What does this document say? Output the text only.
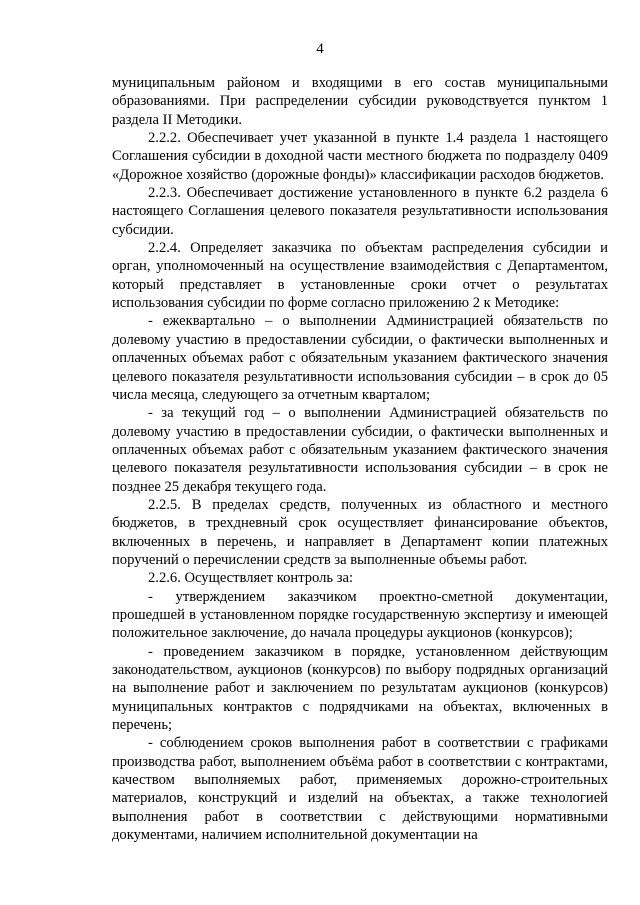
4

муниципальным районом и входящими в его состав муниципальными образованиями. При распределении субсидии руководствуется пунктом 1 раздела II Методики.

2.2.2. Обеспечивает учет указанной в пункте 1.4 раздела 1 настоящего Соглашения субсидии в доходной части местного бюджета по подразделу 0409 «Дорожное хозяйство (дорожные фонды)» классификации расходов бюджетов.

2.2.3. Обеспечивает достижение установленного в пункте 6.2 раздела 6 настоящего Соглашения целевого показателя результативности использования субсидии.

2.2.4. Определяет заказчика по объектам распределения субсидии и орган, уполномоченный на осуществление взаимодействия с Департаментом, который представляет в установленные сроки отчет о результатах использования субсидии по форме согласно приложению 2 к Методике:

- ежеквартально – о выполнении Администрацией обязательств по долевому участию в предоставлении субсидии, о фактически выполненных и оплаченных объемах работ с обязательным указанием фактического значения целевого показателя результативности использования субсидии – в срок до 05 числа месяца, следующего за отчетным кварталом;

- за текущий год – о выполнении Администрацией обязательств по долевому участию в предоставлении субсидии, о фактически выполненных и оплаченных объемах работ с обязательным указанием фактического значения целевого показателя результативности использования субсидии – в срок не позднее 25 декабря текущего года.

2.2.5. В пределах средств, полученных из областного и местного бюджетов, в трехдневный срок осуществляет финансирование объектов, включенных в перечень, и направляет в Департамент копии платежных поручений о перечислении средств за выполненные объемы работ.

2.2.6. Осуществляет контроль за:

- утверждением заказчиком проектно-сметной документации, прошедшей в установленном порядке государственную экспертизу и имеющей положительное заключение, до начала процедуры аукционов (конкурсов);

- проведением заказчиком в порядке, установленном действующим законодательством, аукционов (конкурсов) по выбору подрядных организаций на выполнение работ и заключением по результатам аукционов (конкурсов) муниципальных контрактов с подрядчиками на объектах, включенных в перечень;

- соблюдением сроков выполнения работ в соответствии с графиками производства работ, выполнением объёма работ в соответствии с контрактами, качеством выполняемых работ, применяемых дорожно-строительных материалов, конструкций и изделий на объектах, а также технологией выполнения работ в соответствии с действующими нормативными документами, наличием исполнительной документации на
